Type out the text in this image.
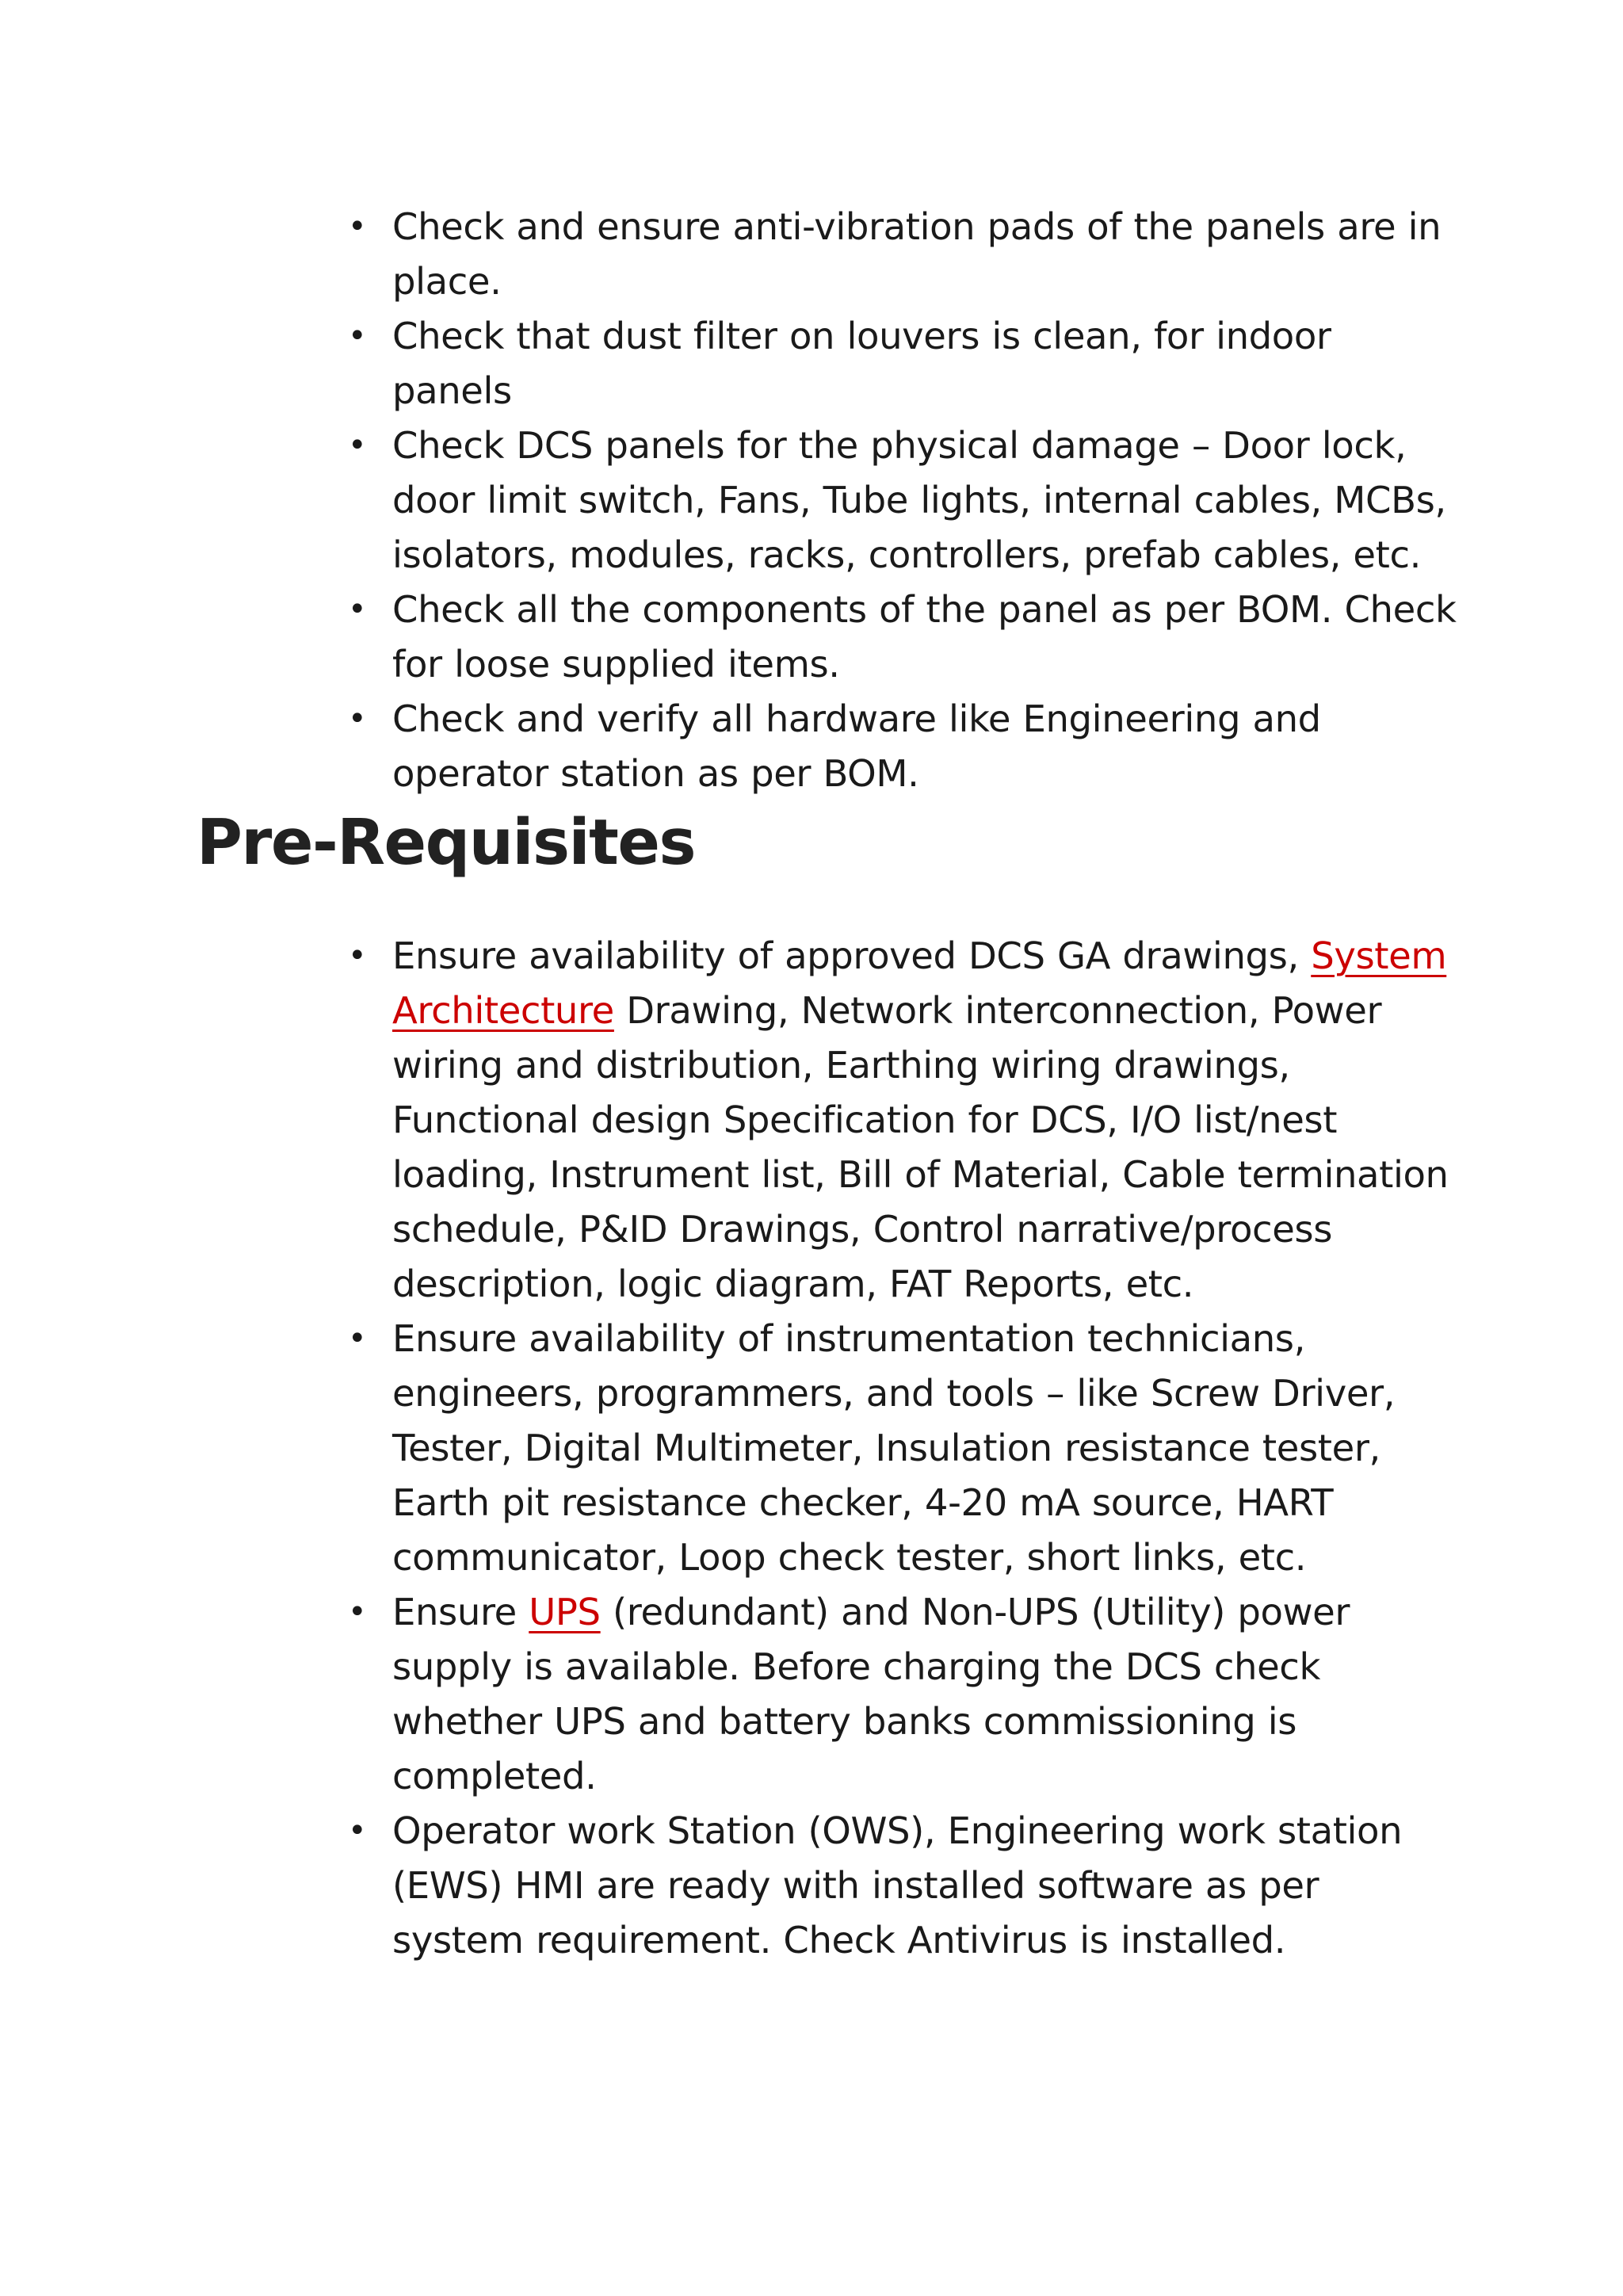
• Check and ensure anti-vibration pads of the panels are in place.
• Check that dust filter on louvers is clean, for indoor panels
• Check DCS panels for the physical damage – Door lock, door limit switch, Fans, Tube lights, internal cables, MCBs, isolators, modules, racks, controllers, prefab cables, etc.
• Check all the components of the panel as per BOM. Check for loose supplied items.
• Check and verify all hardware like Engineering and operator station as per BOM.
Pre-Requisites
• Ensure availability of approved DCS GA drawings, System Architecture Drawing, Network interconnection, Power wiring and distribution, Earthing wiring drawings, Functional design Specification for DCS, I/O list/nest loading, Instrument list, Bill of Material, Cable termination schedule, P&ID Drawings, Control narrative/process description, logic diagram, FAT Reports, etc.
• Ensure availability of instrumentation technicians, engineers, programmers, and tools – like Screw Driver, Tester, Digital Multimeter, Insulation resistance tester, Earth pit resistance checker, 4-20 mA source, HART communicator, Loop check tester, short links, etc.
• Ensure UPS (redundant) and Non-UPS (Utility) power supply is available. Before charging the DCS check whether UPS and battery banks commissioning is completed.
• Operator work Station (OWS), Engineering work station (EWS) HMI are ready with installed software as per system requirement. Check Antivirus is installed.
